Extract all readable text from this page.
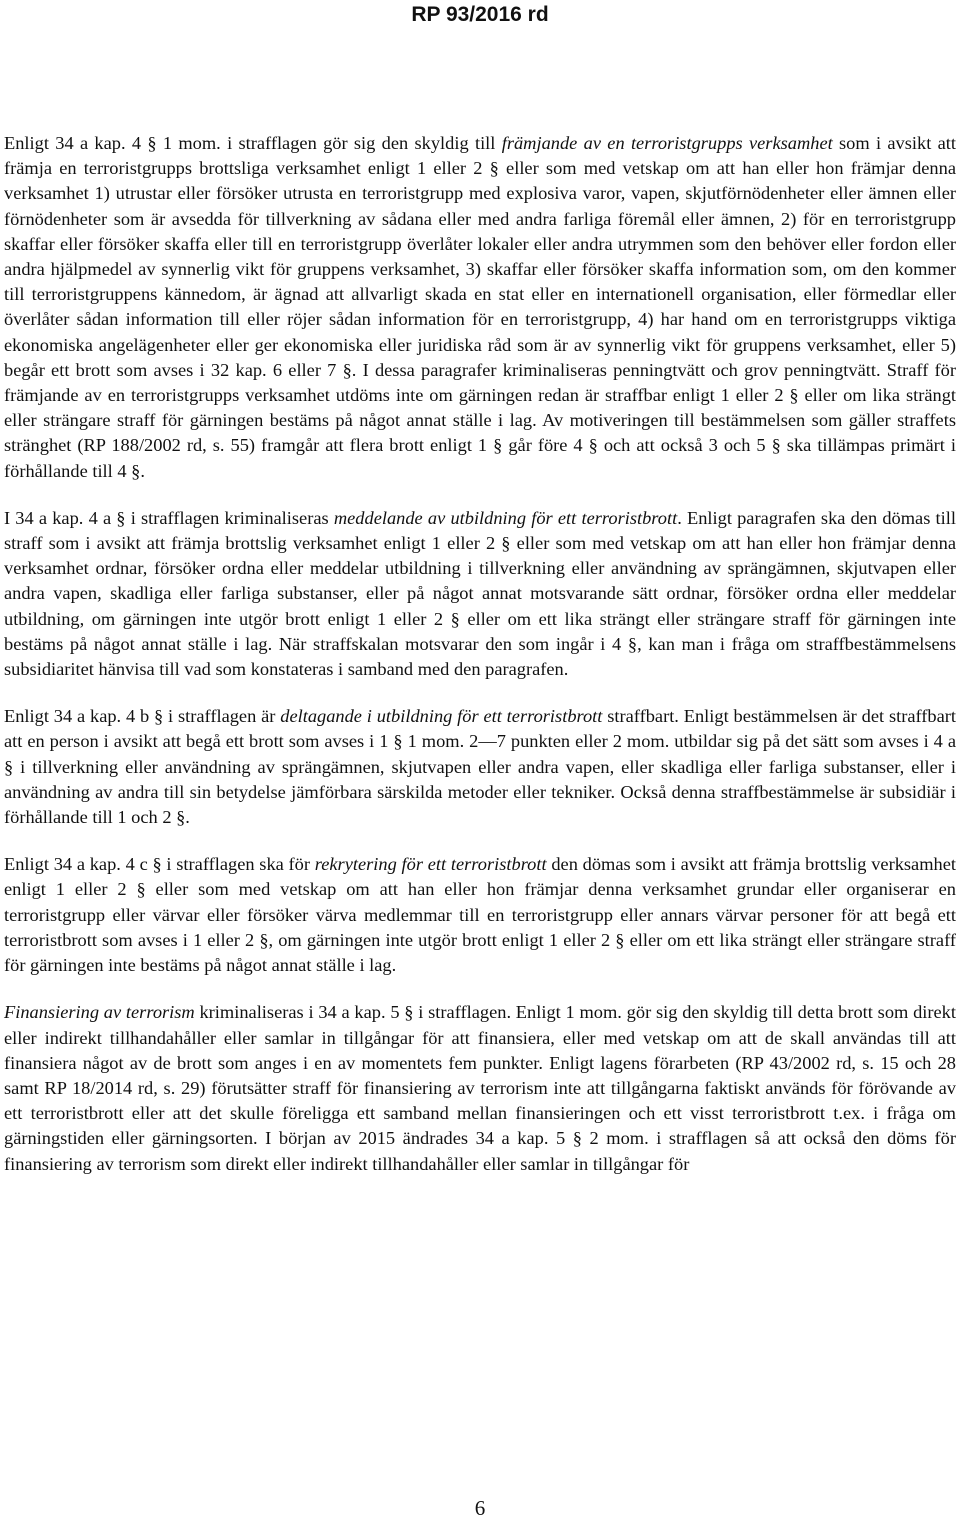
RP 93/2016 rd

Enligt 34 a kap. 4 § 1 mom. i strafflagen gör sig den skyldig till främjande av en terroristgrupps verksamhet som i avsikt att främja en terroristgrupps brottsliga verksamhet enligt 1 eller 2 § eller som med vetskap om att han eller hon främjar denna verksamhet 1) utrustar eller försöker utrusta en terroristgrupp med explosiva varor, vapen, skjutförnödenheter eller ämnen eller förnödenheter som är avsedda för tillverkning av sådana eller med andra farliga föremål eller ämnen, 2) för en terroristgrupp skaffar eller försöker skaffa eller till en terroristgrupp överlåter lokaler eller andra utrymmen som den behöver eller fordon eller andra hjälpmedel av synnerlig vikt för gruppens verksamhet, 3) skaffar eller försöker skaffa information som, om den kommer till terroristgruppens kännedom, är ägnad att allvarligt skada en stat eller en internationell organisation, eller förmedlar eller överlåter sådan information till eller röjer sådan information för en terroristgrupp, 4) har hand om en terroristgrupps viktiga ekonomiska angelägenheter eller ger ekonomiska eller juridiska råd som är av synnerlig vikt för gruppens verksamhet, eller 5) begår ett brott som avses i 32 kap. 6 eller 7 §. I dessa paragrafer kriminaliseras penningtvätt och grov penningtvätt. Straff för främjande av en terroristgrupps verksamhet utdöms inte om gärningen redan är straffbar enligt 1 eller 2 § eller om lika strängt eller strängare straff för gärningen bestäms på något annat ställe i lag. Av motiveringen till bestämmelsen som gäller straffets stränghet (RP 188/2002 rd, s. 55) framgår att flera brott enligt 1 § går före 4 § och att också 3 och 5 § ska tillämpas primärt i förhållande till 4 §.

I 34 a kap. 4 a § i strafflagen kriminaliseras meddelande av utbildning för ett terroristbrott. Enligt paragrafen ska den dömas till straff som i avsikt att främja brottslig verksamhet enligt 1 eller 2 § eller som med vetskap om att han eller hon främjar denna verksamhet ordnar, försöker ordna eller meddelar utbildning i tillverkning eller användning av sprängämnen, skjutvapen eller andra vapen, skadliga eller farliga substanser, eller på något annat motsvarande sätt ordnar, försöker ordna eller meddelar utbildning, om gärningen inte utgör brott enligt 1 eller 2 § eller om ett lika strängt eller strängare straff för gärningen inte bestäms på något annat ställe i lag. När straffskalan motsvarar den som ingår i 4 §, kan man i fråga om straffbestämmelsens subsidiaritet hänvisa till vad som konstateras i samband med den paragrafen.

Enligt 34 a kap. 4 b § i strafflagen är deltagande i utbildning för ett terroristbrott straffbart. Enligt bestämmelsen är det straffbart att en person i avsikt att begå ett brott som avses i 1 § 1 mom. 2—7 punkten eller 2 mom. utbildar sig på det sätt som avses i 4 a § i tillverkning eller användning av sprängämnen, skjutvapen eller andra vapen, eller skadliga eller farliga substanser, eller i användning av andra till sin betydelse jämförbara särskilda metoder eller tekniker. Också denna straffbestämmelse är subsidiär i förhållande till 1 och 2 §.

Enligt 34 a kap. 4 c § i strafflagen ska för rekrytering för ett terroristbrott den dömas som i avsikt att främja brottslig verksamhet enligt 1 eller 2 § eller som med vetskap om att han eller hon främjar denna verksamhet grundar eller organiserar en terroristgrupp eller värvar eller försöker värva medlemmar till en terroristgrupp eller annars värvar personer för att begå ett terroristbrott som avses i 1 eller 2 §, om gärningen inte utgör brott enligt 1 eller 2 § eller om ett lika strängt eller strängare straff för gärningen inte bestäms på något annat ställe i lag.

Finansiering av terrorism kriminaliseras i 34 a kap. 5 § i strafflagen. Enligt 1 mom. gör sig den skyldig till detta brott som direkt eller indirekt tillhandahåller eller samlar in tillgångar för att finansiera, eller med vetskap om att de skall användas till att finansiera något av de brott som anges i en av momentets fem punkter. Enligt lagens förarbeten (RP 43/2002 rd, s. 15 och 28 samt RP 18/2014 rd, s. 29) förutsätter straff för finansiering av terrorism inte att tillgångarna faktiskt används för förövande av ett terroristbrott eller att det skulle föreligga ett samband mellan finansieringen och ett visst terroristbrott t.ex. i fråga om gärningstiden eller gärningsorten. I början av 2015 ändrades 34 a kap. 5 § 2 mom. i strafflagen så att också den döms för finansiering av terrorism som direkt eller indirekt tillhandahåller eller samlar in tillgångar för

6
